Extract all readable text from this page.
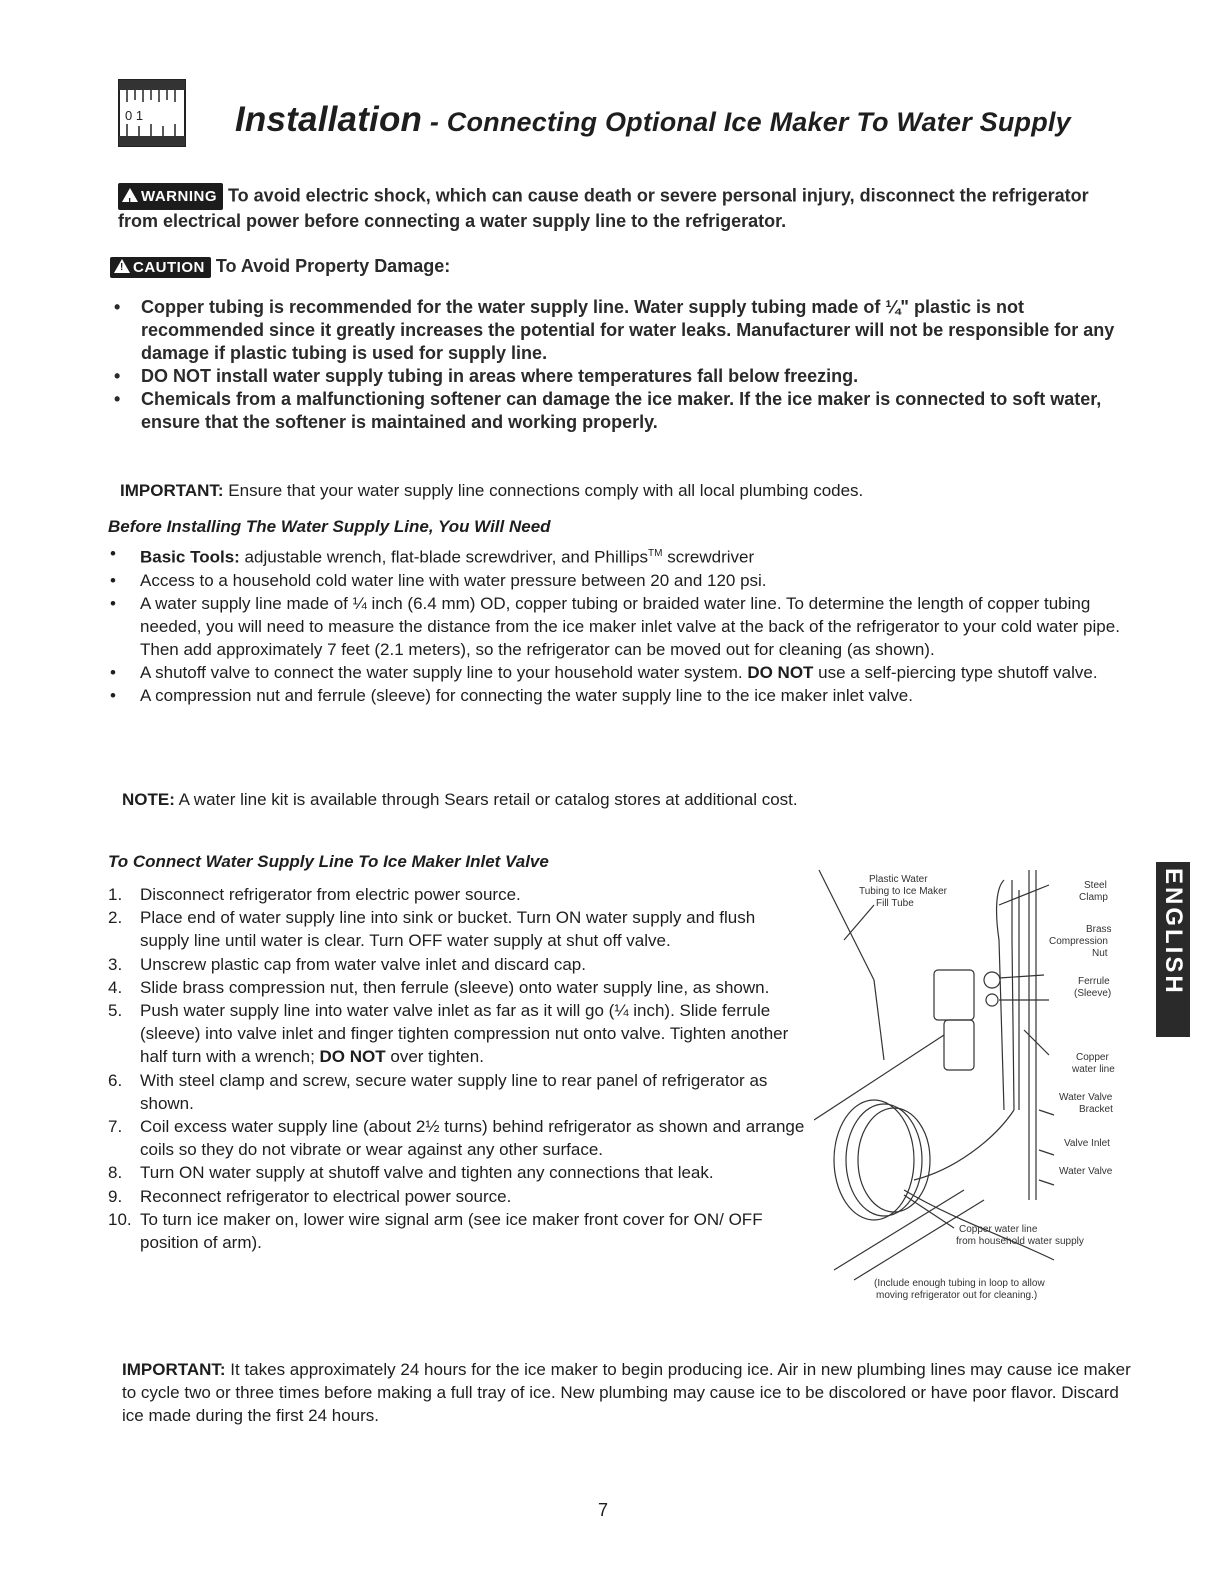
0 1	Installation - Connecting Optional Ice Maker To Water Supply
! WARNING To avoid electric shock, which can cause death or severe personal injury, disconnect the refrigerator from electrical power before connecting a water supply line to the refrigerator.
! CAUTION To Avoid Property Damage:
• Copper tubing is recommended for the water supply line. Water supply tubing made of ¼" plastic is not recommended since it greatly increases the potential for water leaks. Manufacturer will not be responsible for any damage if plastic tubing is used for supply line.
• DO NOT install water supply tubing in areas where temperatures fall below freezing.
• Chemicals from a malfunctioning softener can damage the ice maker. If the ice maker is connected to soft water, ensure that the softener is maintained and working properly.
IMPORTANT: Ensure that your water supply line connections comply with all local plumbing codes.
Before Installing The Water Supply Line, You Will Need
• Basic Tools: adjustable wrench, flat-blade screwdriver, and Phillips™ screwdriver
• Access to a household cold water line with water pressure between 20 and 120 psi.
• A water supply line made of ¼ inch (6.4 mm) OD, copper tubing or braided water line. To determine the length of copper tubing needed, you will need to measure the distance from the ice maker inlet valve at the back of the refrigerator to your cold water pipe. Then add approximately 7 feet (2.1 meters), so the refrigerator can be moved out for cleaning (as shown).
• A shutoff valve to connect the water supply line to your household water system. DO NOT use a self-piercing type shutoff valve.
• A compression nut and ferrule (sleeve) for connecting the water supply line to the ice maker inlet valve.
NOTE: A water line kit is available through Sears retail or catalog stores at additional cost.
To Connect Water Supply Line To Ice Maker Inlet Valve
1. Disconnect refrigerator from electric power source.
2. Place end of water supply line into sink or bucket. Turn ON water supply and flush supply line until water is clear. Turn OFF water supply at shut off valve.
3. Unscrew plastic cap from water valve inlet and discard cap.
4. Slide brass compression nut, then ferrule (sleeve) onto water supply line, as shown.
5. Push water supply line into water valve inlet as far as it will go (¼ inch). Slide ferrule (sleeve) into valve inlet and finger tighten compression nut onto valve. Tighten another half turn with a wrench; DO NOT over tighten.
6. With steel clamp and screw, secure water supply line to rear panel of refrigerator as shown.
7. Coil excess water supply line (about 2½ turns) behind refrigerator as shown and arrange coils so they do not vibrate or wear against any other surface.
8. Turn ON water supply at shutoff valve and tighten any connections that leak.
9. Reconnect refrigerator to electrical power source.
10. To turn ice maker on, lower wire signal arm (see ice maker front cover for ON/ OFF position of arm).
Plastic Water
Tubing to Ice Maker
Fill Tube
Steel
Clamp
Brass
Compression
Nut
Ferrule
(Sleeve)
Copper
water line
Water Valve
Bracket
Valve Inlet
Water Valve
Copper water line
from household water supply
(Include enough tubing in loop to allow
moving refrigerator out for cleaning.)
ENGLISH
IMPORTANT: It takes approximately 24 hours for the ice maker to begin producing ice. Air in new plumbing lines may cause ice maker to cycle two or three times before making a full tray of ice. New plumbing may cause ice to be discolored or have poor flavor. Discard ice made during the first 24 hours.
7
